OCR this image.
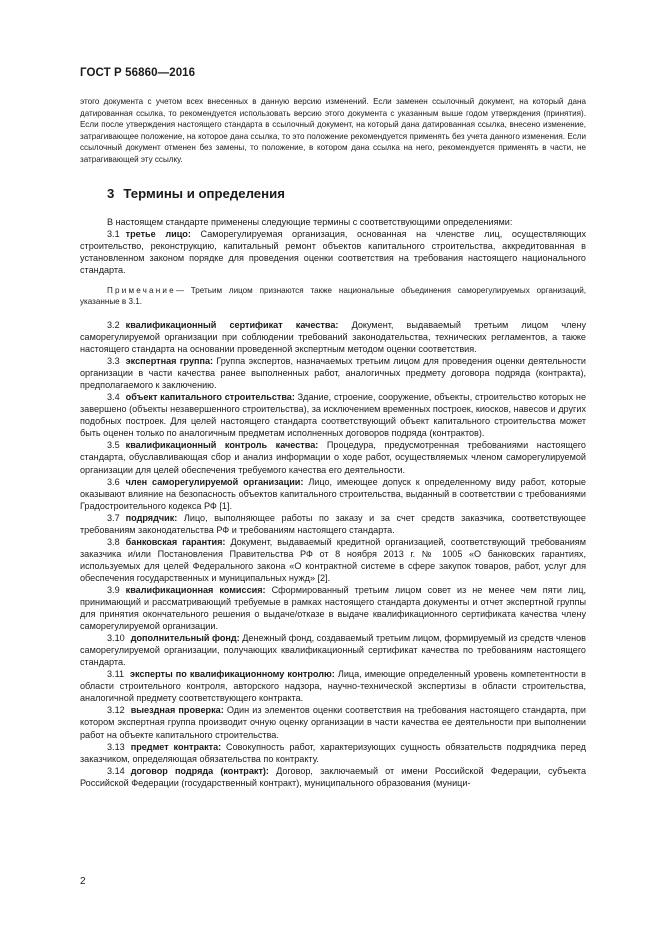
ГОСТ Р 56860—2016

этого документа с учетом всех внесенных в данную версию изменений. Если заменен ссылочный документ, на который дана датированная ссылка, то рекомендуется использовать версию этого документа с указанным выше годом утверждения (принятия). Если после утверждения настоящего стандарта в ссылочный документ, на который дана датированная ссылка, внесено изменение, затрагивающее положение, на которое дана ссылка, то это положение рекомендуется применять без учета данного изменения. Если ссылочный документ отменен без замены, то положение, в котором дана ссылка на него, рекомендуется применять в части, не затрагивающей эту ссылку.

3 Термины и определения

В настоящем стандарте применены следующие термины с соответствующими определениями:

3.1 третье лицо: Саморегулируемая организация, основанная на членстве лиц, осуществляющих строительство, реконструкцию, капитальный ремонт объектов капитального строительства, аккредитованная в установленном законом порядке для проведения оценки соответствия на требования настоящего национального стандарта.

Примечание— Третьим лицом признаются также национальные объединения саморегулируемых организаций, указанные в 3.1.

3.2 квалификационный сертификат качества: Документ, выдаваемый третьим лицом члену саморегулируемой организации при соблюдении требований законодательства, технических регламентов, а также настоящего стандарта на основании проведенной экспертным методом оценки соответствия.

3.3 экспертная группа: Группа экспертов, назначаемых третьим лицом для проведения оценки деятельности организации в части качества ранее выполненных работ, аналогичных предмету договора подряда (контракта), предполагаемого к заключению.

3.4 объект капитального строительства: Здание, строение, сооружение, объекты, строительство которых не завершено (объекты незавершенного строительства), за исключением временных построек, киосков, навесов и других подобных построек. Для целей настоящего стандарта соответствующий объект капитального строительства может быть оценен только по аналогичным предметам исполненных договоров подряда (контрактов).

3.5 квалификационный контроль качества: Процедура, предусмотренная требованиями настоящего стандарта, обуславливающая сбор и анализ информации о ходе работ, осуществляемых членом саморегулируемой организации для целей обеспечения требуемого качества его деятельности.

3.6 член саморегулируемой организации: Лицо, имеющее допуск к определенному виду работ, которые оказывают влияние на безопасность объектов капитального строительства, выданный в соответствии с требованиями Градостроительного кодекса РФ [1].

3.7 подрядчик: Лицо, выполняющее работы по заказу и за счет средств заказчика, соответствующее требованиям законодательства РФ и требованиям настоящего стандарта.

3.8 банковская гарантия: Документ, выдаваемый кредитной организацией, соответствующий требованиям заказчика и/или Постановления Правительства РФ от 8 ноября 2013 г. № 1005 «О банковских гарантиях, используемых для целей Федерального закона «О контрактной системе в сфере закупок товаров, работ, услуг для обеспечения государственных и муниципальных нужд» [2].

3.9 квалификационная комиссия: Сформированный третьим лицом совет из не менее чем пяти лиц, принимающий и рассматривающий требуемые в рамках настоящего стандарта документы и отчет экспертной группы для принятия окончательного решения о выдаче/отказе в выдаче квалификационного сертификата качества члену саморегулируемой организации.

3.10 дополнительный фонд: Денежный фонд, создаваемый третьим лицом, формируемый из средств членов саморегулируемой организации, получающих квалификационный сертификат качества по требованиям настоящего стандарта.

3.11 эксперты по квалификационному контролю: Лица, имеющие определенный уровень компетентности в области строительного контроля, авторского надзора, научно-технической экспертизы в области строительства, аналогичной предмету соответствующего контракта.

3.12 выездная проверка: Один из элементов оценки соответствия на требования настоящего стандарта, при котором экспертная группа производит очную оценку организации в части качества ее деятельности при выполнении работ на объекте капитального строительства.

3.13 предмет контракта: Совокупность работ, характеризующих сущность обязательств подрядчика перед заказчиком, определяющая обязательства по контракту.

3.14 договор подряда (контракт): Договор, заключаемый от имени Российской Федерации, субъекта Российской Федерации (государственный контракт), муниципального образования (муници-

2
